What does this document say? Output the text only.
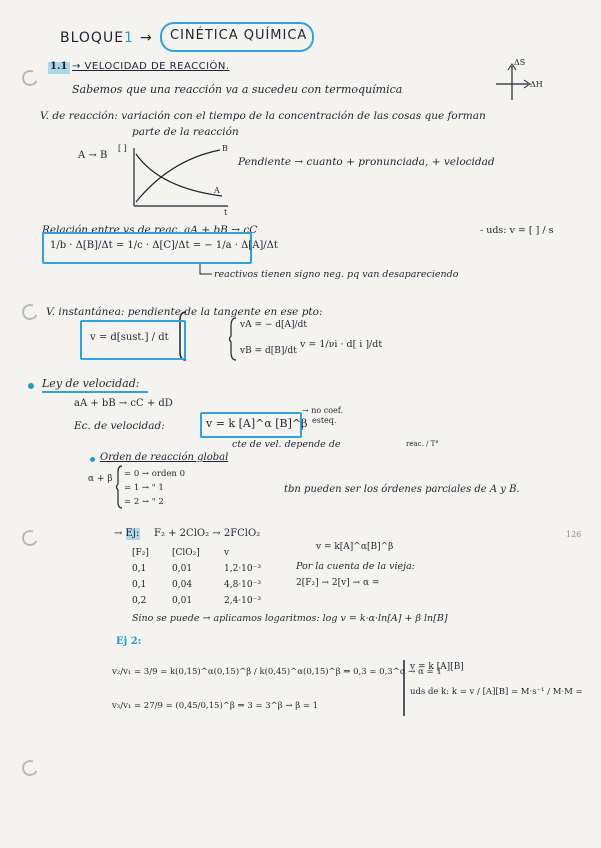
BLOQUE 1 → CINÉTICA QUÍMICA
1.1 → VELOCIDAD DE REACCIÓN.
Sabemos que una reacción va a sucedeu con termoquímica
ΔS
ΔH
V. de reacción: variación con el tiempo de la concentración de las cosas que forman
parte de la reacción
A → B
[ ]	B
A
t
Pendiente → cuanto + pronunciada, + velocidad
Relación entre vs de reac. aA + bB → cC	- uds: v = [ ] / s
1/b · Δ[B]/Δt = 1/c · Δ[C]/Δt = − 1/a · Δ[A]/Δt
reactivos tienen signo neg. pq van desapareciendo
V. instantánea: pendiente de la tangente en ese pto:
v = d[sust.] / dt
vA = − d[A]/dt
vB = d[B]/dt
v = 1/νi · d[ i ]/dt
Ley de velocidad:
aA + bB → cC + dD
Ec. de velocidad:	v = k [A]^α [B]^β
→ no coef.
esteq.
cte de vel. depende de	reac. / T°
Orden de reacción global
α + β = 0 → orden 0
= 1 → " 1
= 2 → " 2
tbn pueden ser los órdenes parciales de A y B.
→ Ej: F₂ + 2ClO₂ → 2FClO₂
v = k[A]^α[B]^β
126
[F₂]	[ClO₂]	v
0,1	0,01	1,2·10⁻³
0,1	0,04	4,8·10⁻³
0,2	0,01	2,4·10⁻³
Por la cuenta de la vieja:
2[F₂] → 2[v] → α =
Sino se puede → aplicamos logaritmos: log v = k·α·ln[A] + β ln[B]
Ej 2:
v₂/v₁ = 3/9 = k(0,15)^α(0,15)^β / k(0,45)^α(0,15)^β ⇒ 0,3 = 0,3^α → α = 1
v₃/v₁ = 27/9 = (0,45/0,15)^β ⇒ 3 = 3^β → β = 1
v = k [A][B]
uds de k: k = v / [A][B] = M·s⁻¹ / M·M =
